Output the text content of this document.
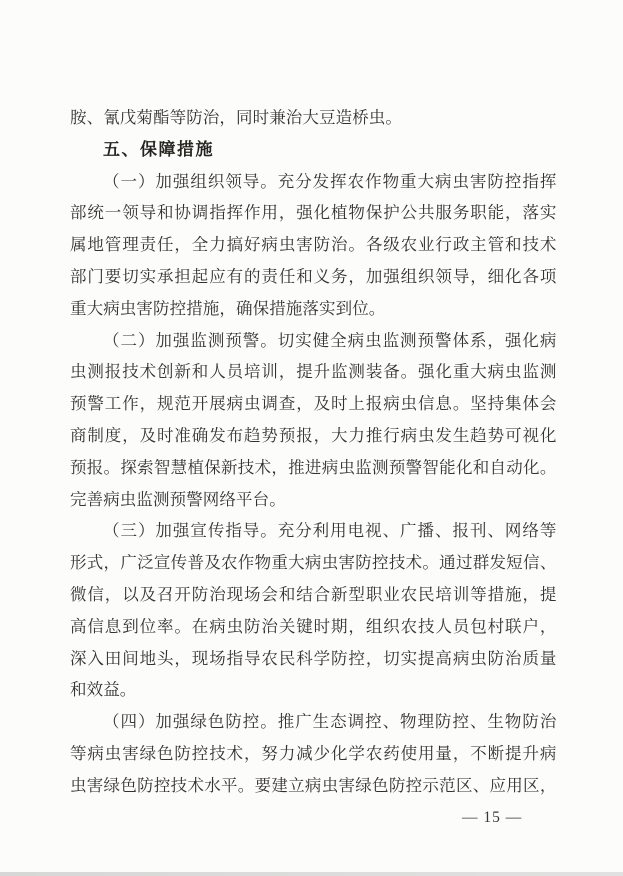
胺、氰戊菊酯等防治，同时兼治大豆造桥虫。
五、保障措施
（一）加强组织领导。充分发挥农作物重大病虫害防控指挥
部统一领导和协调指挥作用，强化植物保护公共服务职能，落实
属地管理责任，全力搞好病虫害防治。各级农业行政主管和技术
部门要切实承担起应有的责任和义务，加强组织领导，细化各项
重大病虫害防控措施，确保措施落实到位。
（二）加强监测预警。切实健全病虫监测预警体系，强化病
虫测报技术创新和人员培训，提升监测装备。强化重大病虫监测
预警工作，规范开展病虫调查，及时上报病虫信息。坚持集体会
商制度，及时准确发布趋势预报，大力推行病虫发生趋势可视化
预报。探索智慧植保新技术，推进病虫监测预警智能化和自动化。
完善病虫监测预警网络平台。
（三）加强宣传指导。充分利用电视、广播、报刊、网络等
形式，广泛宣传普及农作物重大病虫害防控技术。通过群发短信、
微信，以及召开防治现场会和结合新型职业农民培训等措施，提
高信息到位率。在病虫防治关键时期，组织农技人员包村联户，
深入田间地头，现场指导农民科学防控，切实提高病虫防治质量
和效益。
（四）加强绿色防控。推广生态调控、物理防控、生物防治
等病虫害绿色防控技术，努力减少化学农药使用量，不断提升病
虫害绿色防控技术水平。要建立病虫害绿色防控示范区、应用区，
— 15 —
